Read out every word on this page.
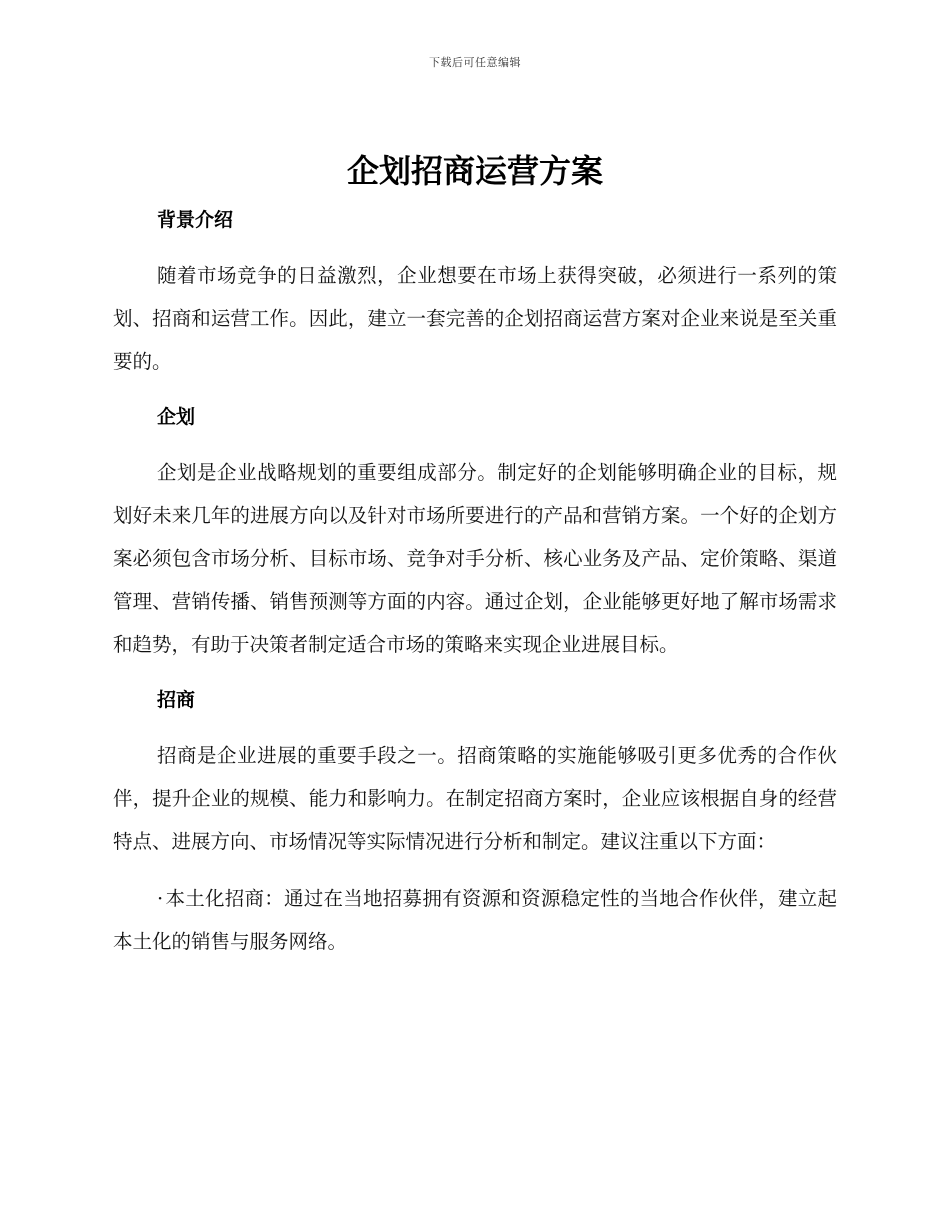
下载后可任意编辑
企划招商运营方案
背景介绍

随着市场竞争的日益激烈，企业想要在市场上获得突破，必须进行一系列的策划、招商和运营工作。因此，建立一套完善的企划招商运营方案对企业来说是至关重要的。

企划

企划是企业战略规划的重要组成部分。制定好的企划能够明确企业的目标，规划好未来几年的进展方向以及针对市场所要进行的产品和营销方案。一个好的企划方案必须包含市场分析、目标市场、竞争对手分析、核心业务及产品、定价策略、渠道管理、营销传播、销售预测等方面的内容。通过企划，企业能够更好地了解市场需求和趋势，有助于决策者制定适合市场的策略来实现企业进展目标。

招商

招商是企业进展的重要手段之一。招商策略的实施能够吸引更多优秀的合作伙伴，提升企业的规模、能力和影响力。在制定招商方案时，企业应该根据自身的经营特点、进展方向、市场情况等实际情况进行分析和制定。建议注重以下方面：

· 本土化招商：通过在当地招募拥有资源和资源稳定性的当地合作伙伴，建立起本土化的销售与服务网络。
